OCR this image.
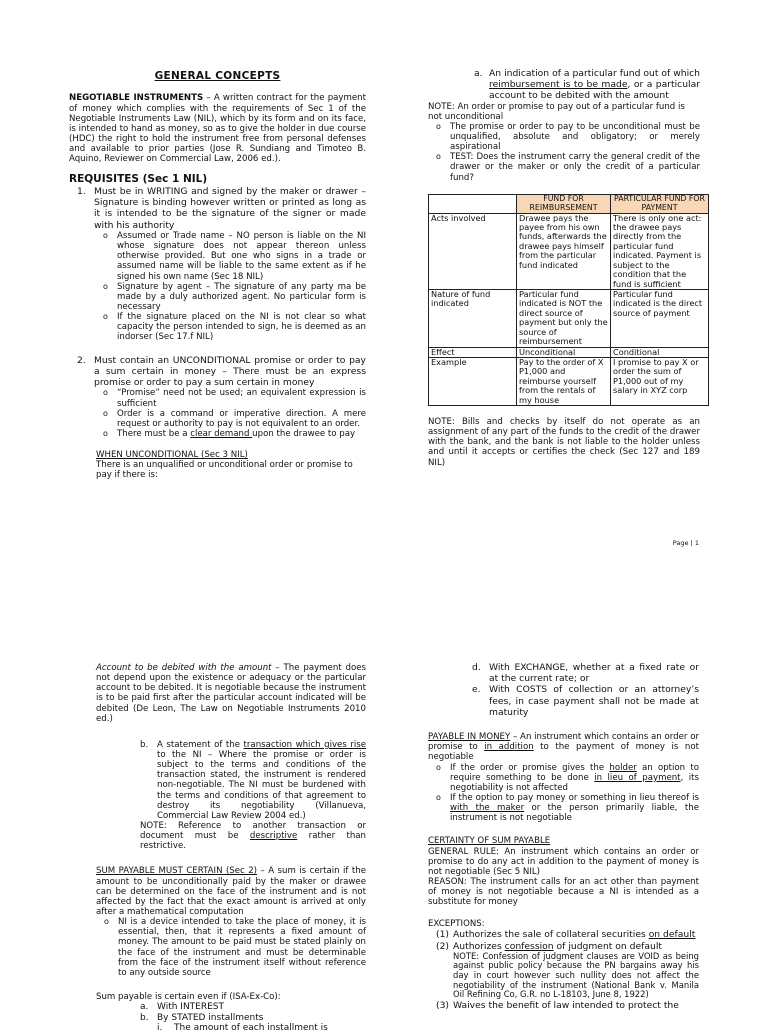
GENERAL CONCEPTS

NEGOTIABLE INSTRUMENTS – A written contract for the payment of money which complies with the requirements of Sec 1 of the Negotiable Instruments Law (NIL), which by its form and on its face, is intended to hand as money, so as to give the holder in due course (HDC) the right to hold the instrument free from personal defenses and available to prior parties (Jose R. Sundiang and Timoteo B. Aquino, Reviewer on Commercial Law, 2006 ed.).

REQUISITES (Sec 1 NIL)

1. Must be in WRITING and signed by the maker or drawer – Signature is binding however written or printed as long as it is intended to be the signature of the signer or made with his authority
o	Assumed or Trade name – NO person is liable on the NI whose signature does not appear thereon unless otherwise provided. But one who signs in a trade or assumed name will be liable to the same extent as if he signed his own name (Sec 18 NIL)
o	Signature by agent – The signature of any party ma be made by a duly authorized agent. No particular form is necessary
o	If the signature placed on the NI is not clear so what capacity the person intended to sign, he is deemed as an indorser (Sec 17.f NIL)
2. Must contain an UNCONDITIONAL promise or order to pay a sum certain in money – There must be an express promise or order to pay a sum certain in money
o	“Promise” need not be used; an equivalent expression is sufficient
o	Order is a command or imperative direction. A mere request or authority to pay is not equivalent to an order.
o	There must be a clear demand upon the drawee to pay

WHEN UNCONDITIONAL (Sec 3 NIL)

There is an unqualified or unconditional order or promise to pay if there is:

a. An indication of a particular fund out of which reimbursement is to be made, or a particular account to be debited with the amount

NOTE: An order or promise to pay out of a particular fund is not unconditional

o	The promise or order to pay to be unconditional must be unqualified, absolute and obligatory; or merely aspirational
o	TEST: Does the instrument carry the general credit of the drawer or the maker or only the credit of a particular fund?
	FUND FOR REIMBURSEMENT	PARTICULAR FUND FOR PAYMENT
Acts involved	Drawee pays the payee from his own funds, afterwards the drawee pays himself from the particular fund indicated	There is only one act: the drawee pays directly from the particular fund indicated. Payment is subject to the condition that the fund is sufficient
Nature of fund indicated	Particular fund indicated is NOT the direct source of payment but only the source of reimbursement	Particular fund indicated is the direct source of payment
Effect	Unconditional	Conditional
Example	Pay to the order of X P1,000 and reimburse yourself from the rentals of my house	I promise to pay X or order the sum of P1,000 out of my salary in XYZ corp

NOTE: Bills and checks by itself do not operate as an assignment of any part of the funds to the credit of the drawer with the bank, and the bank is not liable to the holder unless and until it accepts or certifies the check (Sec 127 and 189 NIL)

Page | 1

Account to be debited with the amount – The payment does not depend upon the existence or adequacy or the particular account to be debited. It is negotiable because the instrument is to be paid first after the particular account indicated will be debited (De Leon, The Law on Negotiable Instruments 2010 ed.)

b.	A statement of the transaction which gives rise to the NI – Where the promise or order is subject to the terms and conditions of the transaction stated, the instrument is rendered non-negotiable. The NI must be burdened with the terms and conditions of that agreement to destroy its negotiability (Villanueva, Commercial Law Review 2004 ed.)

NOTE: Reference to another transaction or document must be descriptive rather than restrictive.

SUM PAYABLE MUST CERTAIN (Sec 2) – A sum is certain if the amount to be unconditionally paid by the maker or drawee can be determined on the face of the instrument and is not affected by the fact that the exact amount is arrived at only after a mathematical computation

o	NI is a device intended to take the place of money, it is essential, then, that it represents a fixed amount of money. The amount to be paid must be stated plainly on the face of the instrument and must be determinable from the face of the instrument itself without reference to any outside source

Sum payable is certain even if (ISA-Ex-Co):

a. With INTEREST
b. By STATED installments
i.	The amount of each installment is
d. With EXCHANGE, whether at a fixed rate or at the current rate; or
e. With COSTS of collection or an attorney’s fees, in case payment shall not be made at maturity

PAYABLE IN MONEY – An instrument which contains an order or promise to in addition to the payment of money is not negotiable

o	If the order or promise gives the holder an option to require something to be done in lieu of payment, its negotiability is not affected
o	If the option to pay money or something in lieu thereof is with the maker or the person primarily liable, the instrument is not negotiable

CERTAINTY OF SUM PAYABLE

GENERAL RULE: An instrument which contains an order or promise to do any act in addition to the payment of money is not negotiable (Sec 5 NIL)

REASON: The instrument calls for an act other than payment of money is not negotiable because a NI is intended as a substitute for money

EXCEPTIONS:

(1) Authorizes the sale of collateral securities on default
(2) Authorizes confession of judgment on default

NOTE: Confession of judgment clauses are VOID as being against public policy because the PN bargains away his day in court however such nullity does not affect the negotiability of the instrument (National Bank v. Manila Oil Refining Co, G.R. no L-18103, June 8, 1922)

(3) Waives the benefit of law intended to protect the
